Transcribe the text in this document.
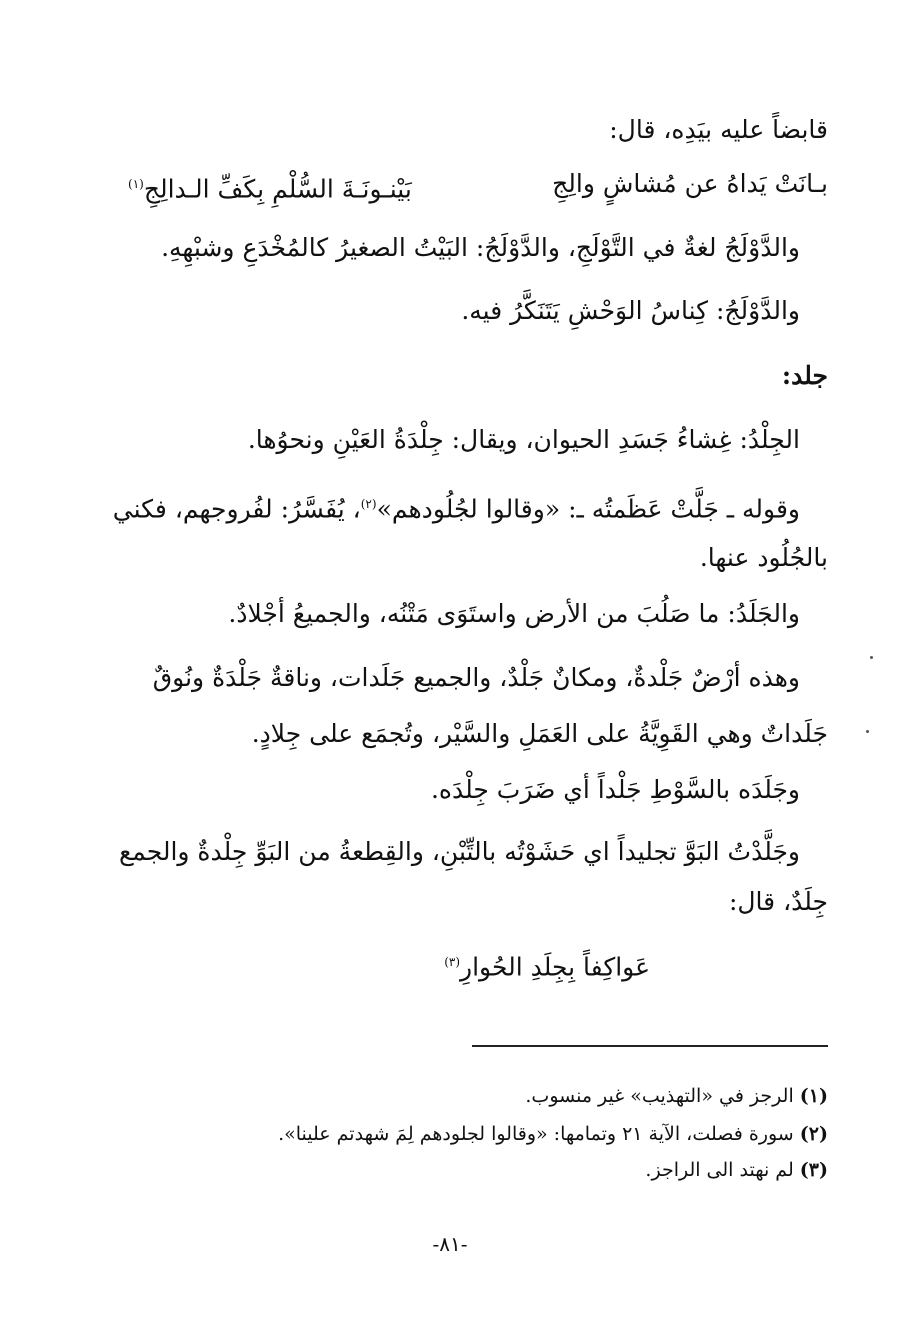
قابضاً عليه بيَدِه، قال:
بـانَتْ يَداهُ عن مُشاشٍ والِجِ
بَيْنـونَـةَ السُّلْمِ بِكَفِّ الـدالِجِ$^{(١)}$
والدَّوْلَجُ لغةٌ في التَّوْلَجِ، والدَّوْلَجُ: البَيْتُ الصغيرُ كالمُخْدَعِ وشبْهِهِ.
والدَّوْلَجُ: كِناسُ الوَحْشِ يَتَنَكَّرُ فيه.
جلد:
الجِلْدُ: غِشاءُ جَسَدِ الحيوان، ويقال: جِلْدَةُ العَيْنِ ونحوُها.
وقوله ـ جَلَّتْ عَظَمتُه ـ: «وقالوا لجُلُودهم»$^{(٢)}$، يُفَسَّرُ: لفُروجهم، فكني
بالجُلُود عنها.
والجَلَدُ: ما صَلُبَ من الأرض واستَوَى مَتْنُه، والجميعُ أجْلادٌ.
وهذه أرْضٌ جَلْدةٌ، ومكانٌ جَلْدٌ، والجميع جَلَدات، وناقةٌ جَلْدَةٌ ونُوقٌ
جَلَداتٌ وهي القَوِيَّةُ على العَمَلِ والسَّيْر، وتُجمَع على جِلادٍ.
وجَلَدَه بالسَّوْطِ جَلْداً أي ضَرَبَ جِلْدَه.
وجَلَّدْتُ البَوَّ تجليداً اي حَشَوْتُه بالتِّبْنِ، والقِطعةُ من البَوِّ جِلْدةٌ والجمع
جِلَدٌ، قال:
عَواكِفاً بِجِلَدِ الحُوارِ$^{(٣)}$
(١) الرجز في «التهذيب» غير منسوب.
(٢) سورة فصلت، الآية ٢١ وتمامها: «وقالوا لجلودهم لِمَ شهدتم علينا».
(٣) لم نهتد الى الراجز.
-٨١-
